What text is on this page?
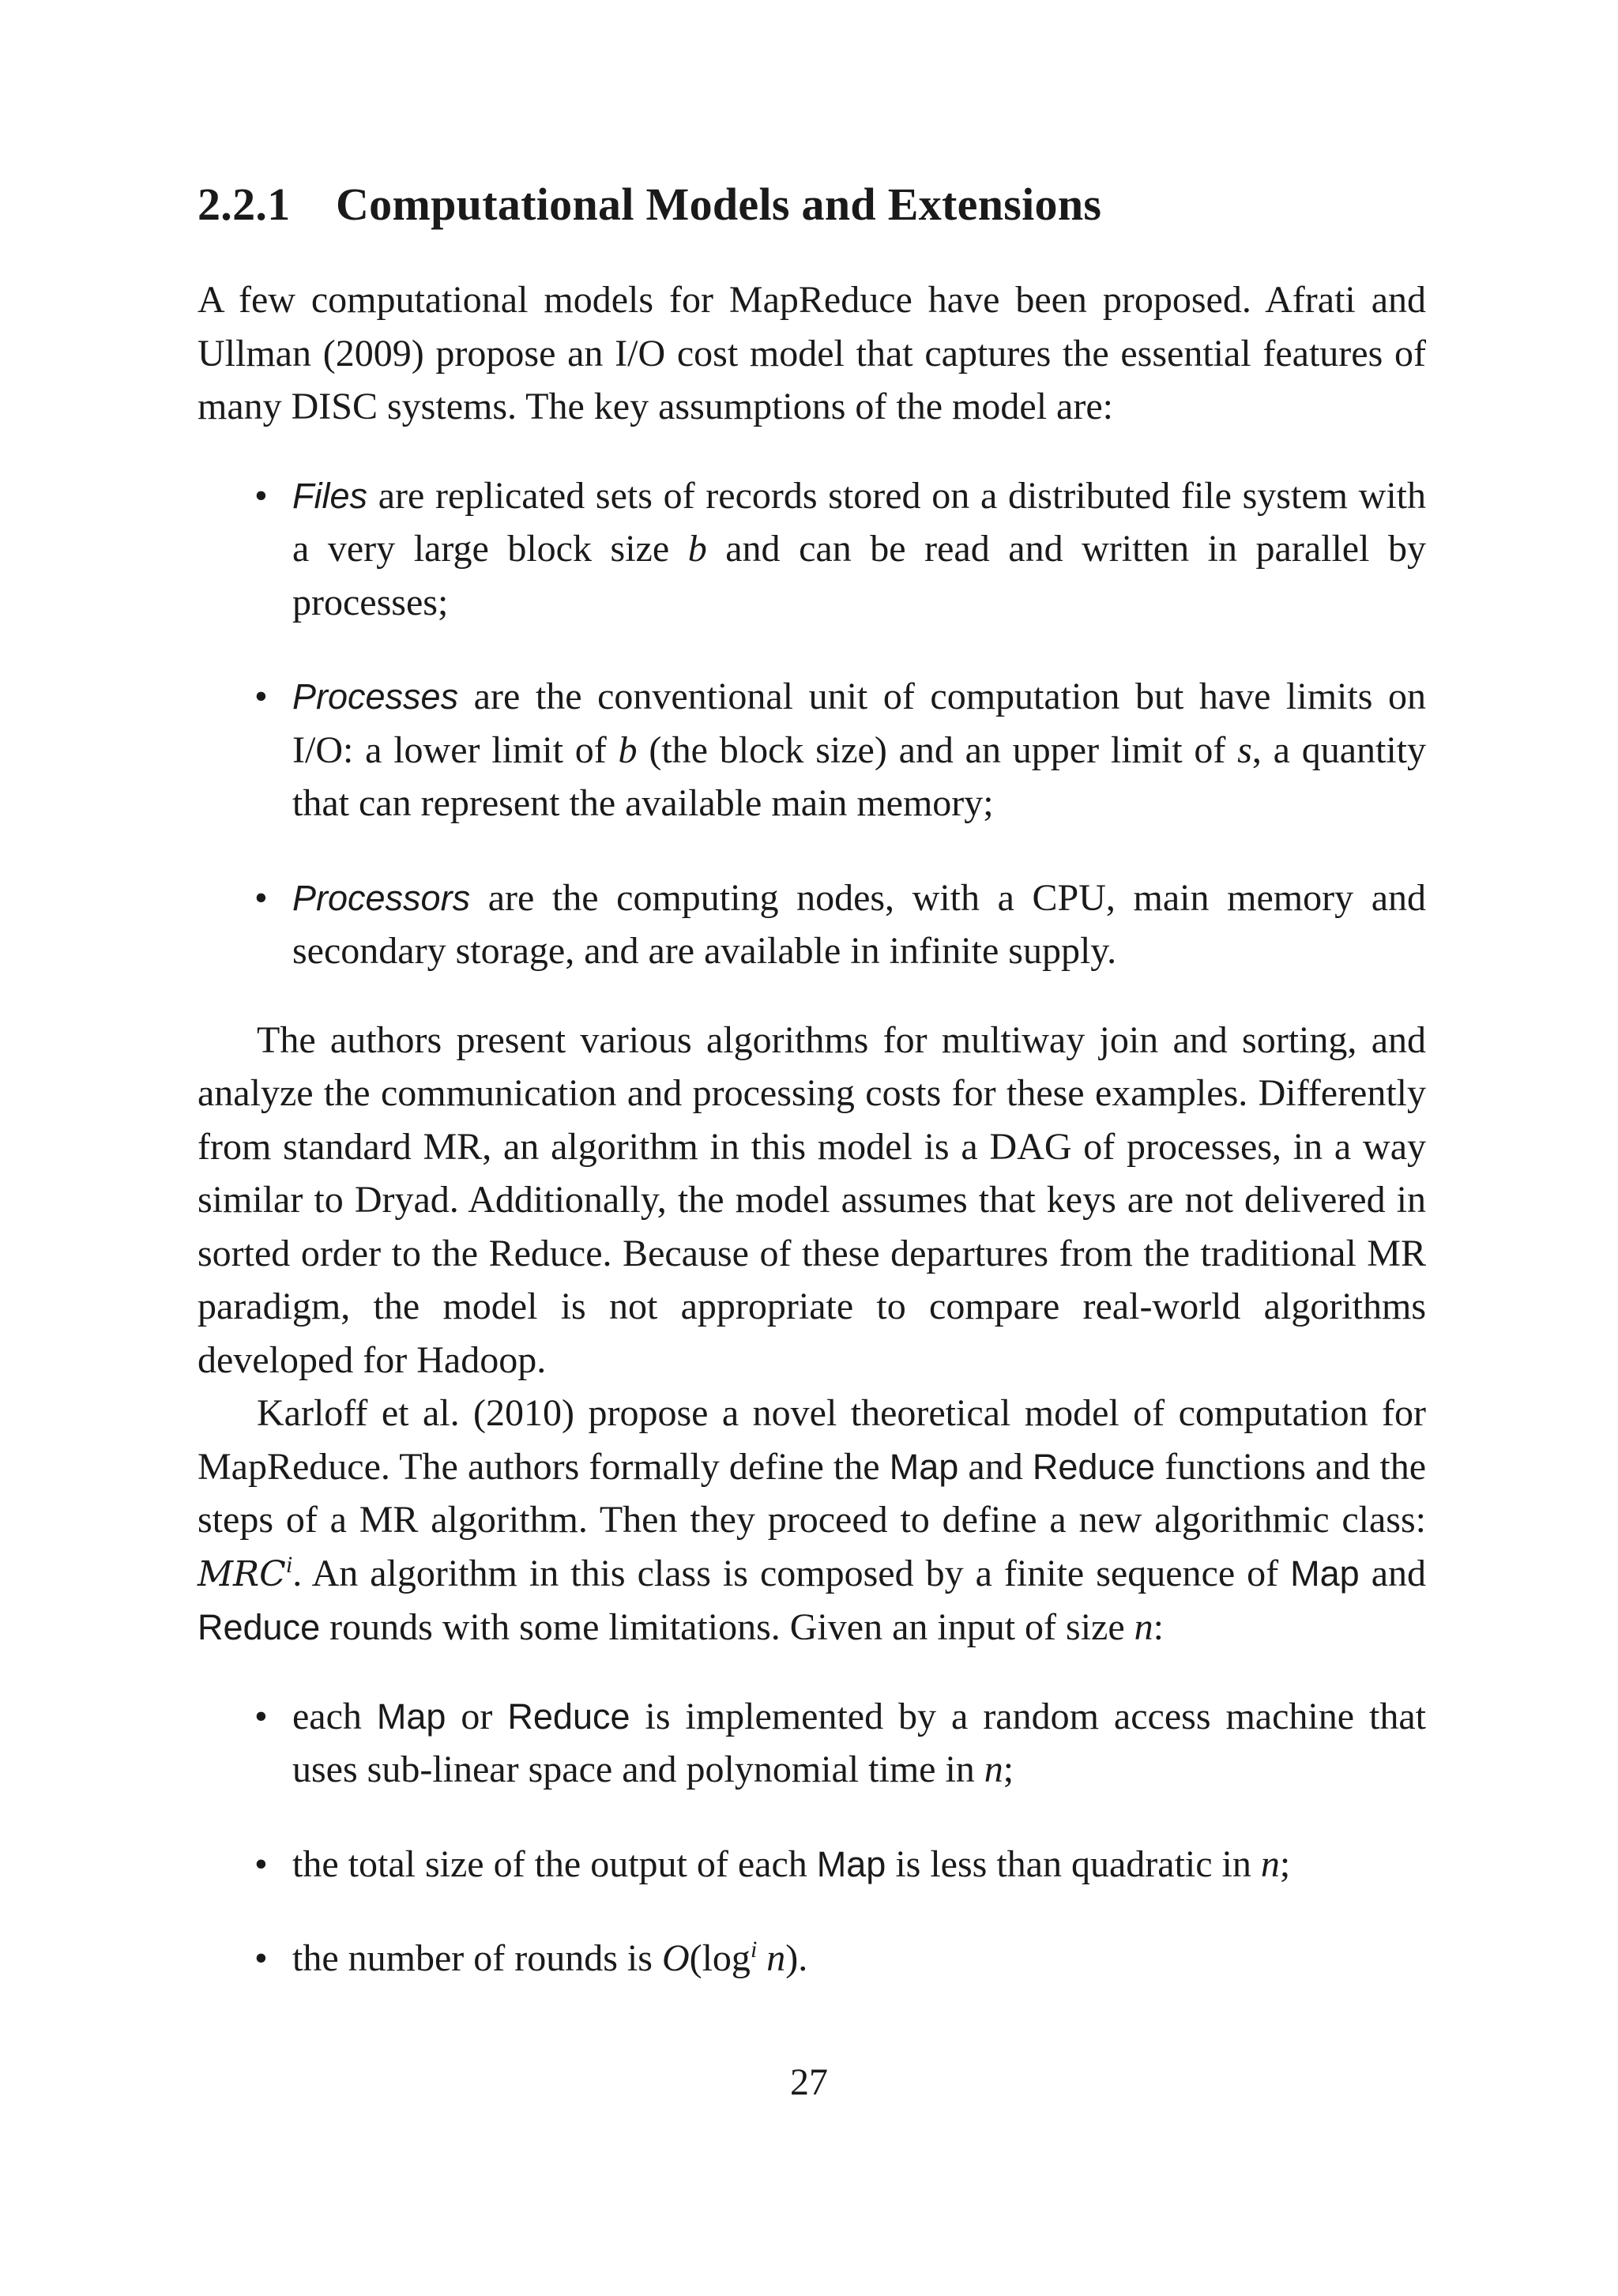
2.2.1 Computational Models and Extensions

A few computational models for MapReduce have been proposed. Afrati and Ullman (2009) propose an I/O cost model that captures the essential features of many DISC systems. The key assumptions of the model are:

• Files are replicated sets of records stored on a distributed file system with a very large block size b and can be read and written in parallel by processes;
• Processes are the conventional unit of computation but have limits on I/O: a lower limit of b (the block size) and an upper limit of s, a quantity that can represent the available main memory;
• Processors are the computing nodes, with a CPU, main memory and secondary storage, and are available in infinite supply.

The authors present various algorithms for multiway join and sorting, and analyze the communication and processing costs for these examples. Differently from standard MR, an algorithm in this model is a DAG of processes, in a way similar to Dryad. Additionally, the model assumes that keys are not delivered in sorted order to the Reduce. Because of these departures from the traditional MR paradigm, the model is not appropriate to compare real-world algorithms developed for Hadoop.

Karloff et al. (2010) propose a novel theoretical model of computation for MapReduce. The authors formally define the Map and Reduce functions and the steps of a MR algorithm. Then they proceed to define a new algorithmic class: MRC$^i$. An algorithm in this class is composed by a finite sequence of Map and Reduce rounds with some limitations. Given an input of size n:

• each Map or Reduce is implemented by a random access machine that uses sub-linear space and polynomial time in n;
• the total size of the output of each Map is less than quadratic in n;
• the number of rounds is $O(\log^i$ n).
27
